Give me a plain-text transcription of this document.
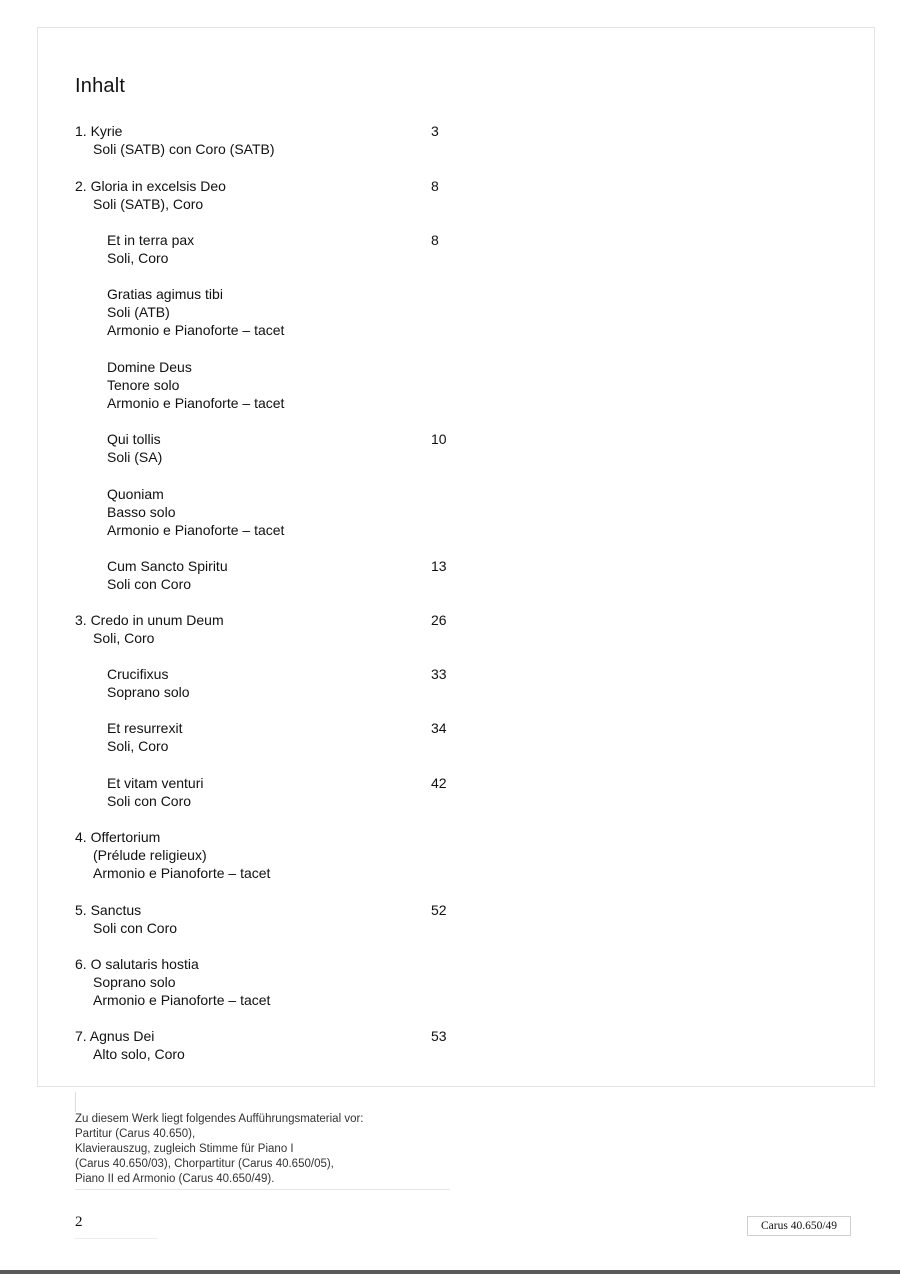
Inhalt
1. Kyrie
Soli (SATB) con Coro (SATB)
3
2. Gloria in excelsis Deo
Soli (SATB), Coro
8
Et in terra pax
Soli, Coro
8
Gratias agimus tibi
Soli (ATB)
Armonio e Pianoforte – tacet
Domine Deus
Tenore solo
Armonio e Pianoforte – tacet
Qui tollis
Soli (SA)
10
Quoniam
Basso solo
Armonio e Pianoforte – tacet
Cum Sancto Spiritu
Soli con Coro
13
3. Credo in unum Deum
Soli, Coro
26
Crucifixus
Soprano solo
33
Et resurrexit
Soli, Coro
34
Et vitam venturi
Soli con Coro
42
4. Offertorium
(Prélude religieux)
Armonio e Pianoforte – tacet
5. Sanctus
Soli con Coro
52
6. O salutaris hostia
Soprano solo
Armonio e Pianoforte – tacet
7. Agnus Dei
Alto solo, Coro
53
Zu diesem Werk liegt folgendes Aufführungsmaterial vor:
Partitur (Carus 40.650),
Klavierauszug, zugleich Stimme für Piano I
(Carus 40.650/03), Chorpartitur (Carus 40.650/05),
Piano II ed Armonio (Carus 40.650/49).
2	Carus 40.650/49
